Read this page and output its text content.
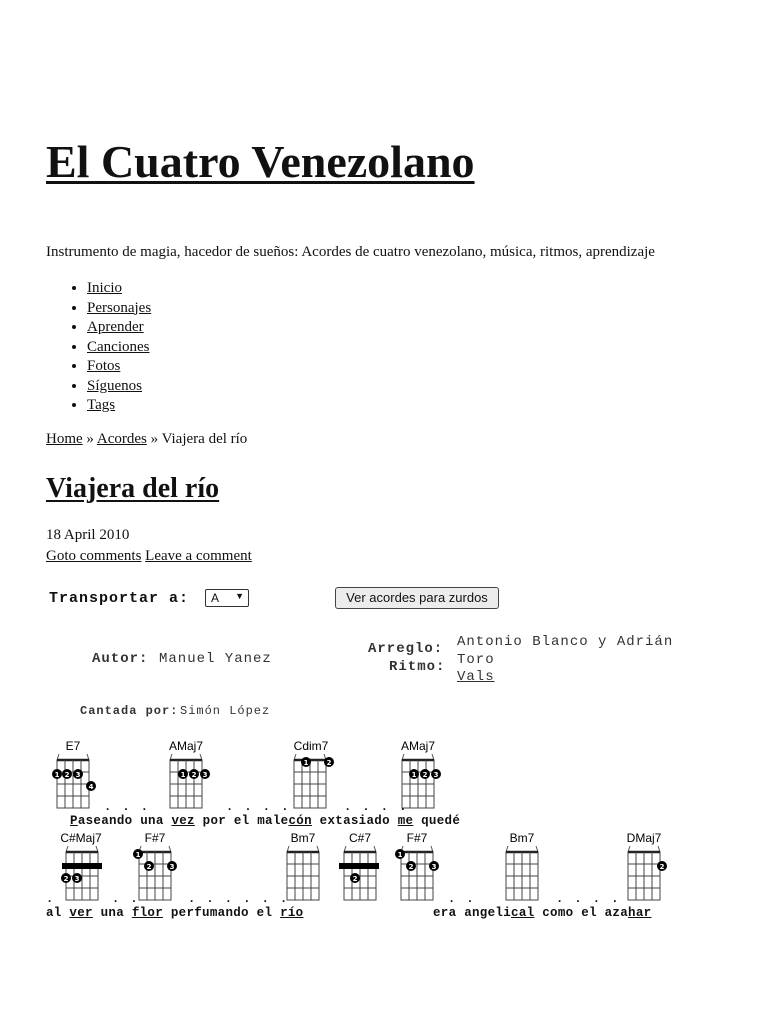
El Cuatro Venezolano
Instrumento de magia, hacedor de sueños: Acordes de cuatro venezolano, música, ritmos, aprendizaje
• Inicio
• Personajes
• Aprender
• Canciones
• Fotos
• Síguenos
• Tags
Home » Acordes » Viajera del río
Viajera del río
18 April 2010
Goto comments Leave a comment
Transportar a: A ▼	Ver acordes para zurdos
Autor: Manuel Yanez
Arreglo: Antonio Blanco y Adrián
Toro
Ritmo:
Vals
Cantada por: Simón López
E7
1 2 3
4
AMaj7
1 2 3
Cdim7
1	2
AMaj7
1 2 3
C#Maj7
2 3
F#7
1
2	3
Bm7	C#7
2
F#7
1
2	3
Bm7	DMaj7
2
. . .	. . . .	. . . .
Paseando una vez por el malecón extasiado me quedé
.	. .	. . . . . .	. .	. . . .
al ver una flor perfumando el río	era angelical como el azahar
